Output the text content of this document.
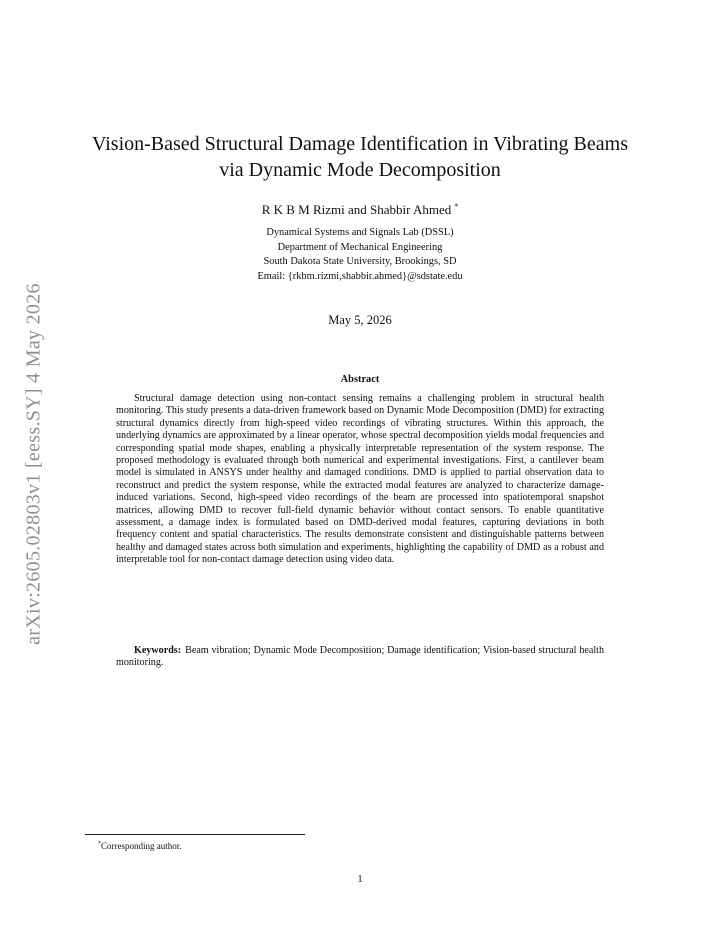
arXiv:2605.02803v1 [eess.SY] 4 May 2026
Vision-Based Structural Damage Identification in Vibrating Beams
via Dynamic Mode Decomposition
R K B M Rizmi and Shabbir Ahmed *
Dynamical Systems and Signals Lab (DSSL)
Department of Mechanical Engineering
South Dakota State University, Brookings, SD
Email: {rkbm.rizmi,shabbir.ahmed}@sdstate.edu
May 5, 2026
Abstract
Structural damage detection using non-contact sensing remains a challenging problem in structural health monitoring. This study presents a data-driven framework based on Dynamic Mode Decomposition (DMD) for extracting structural dynamics directly from high-speed video recordings of vibrating structures. Within this approach, the underlying dynamics are approximated by a linear operator, whose spectral decomposition yields modal frequencies and corresponding spatial mode shapes, enabling a physically interpretable representation of the system response. The proposed methodology is evaluated through both numerical and experimental investigations. First, a cantilever beam model is simulated in ANSYS under healthy and damaged conditions. DMD is applied to partial observation data to reconstruct and predict the system response, while the extracted modal features are analyzed to characterize damage-induced variations. Second, high-speed video recordings of the beam are processed into spatiotemporal snapshot matrices, allowing DMD to recover full-field dynamic behavior without contact sensors. To enable quantitative assessment, a damage index is formulated based on DMD-derived modal features, capturing deviations in both frequency content and spatial characteristics. The results demonstrate consistent and distinguishable patterns between healthy and damaged states across both simulation and experiments, highlighting the capability of DMD as a robust and interpretable tool for non-contact damage detection using video data.
Keywords: Beam vibration; Dynamic Mode Decomposition; Damage identification; Vision-based structural health monitoring.
*Corresponding author.
1
